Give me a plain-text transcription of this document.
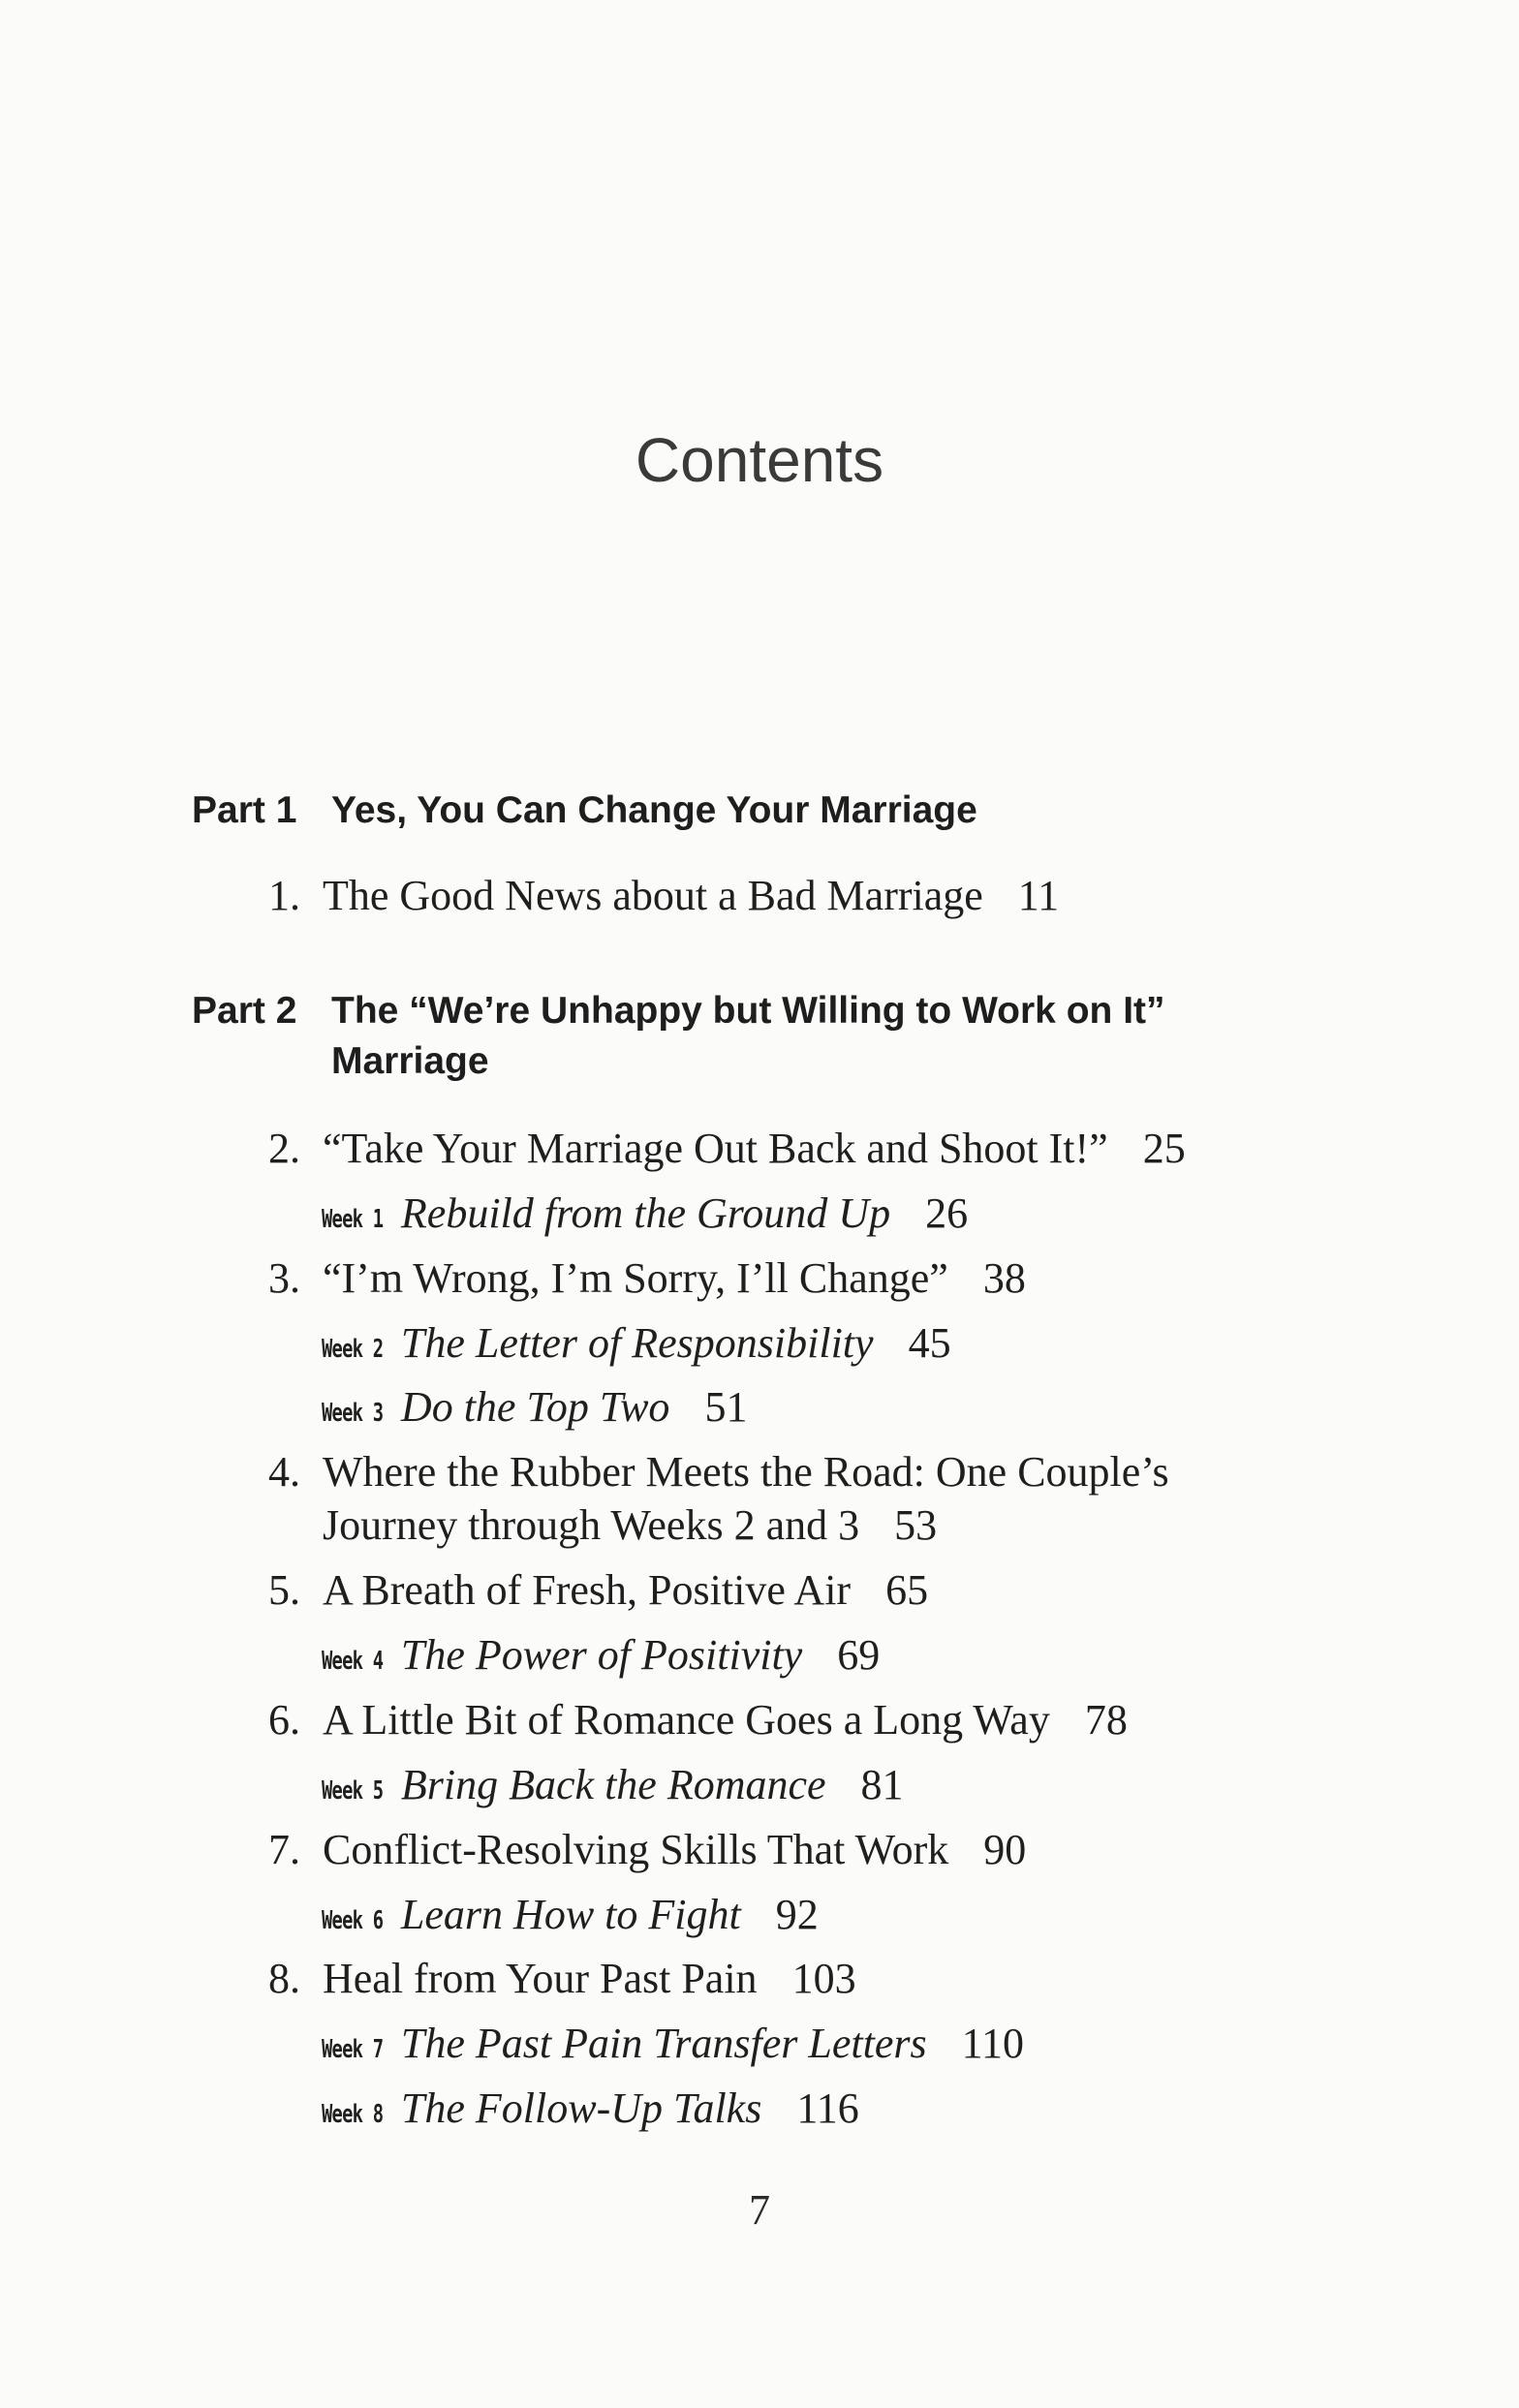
Contents
Part 1 Yes, You Can Change Your Marriage
1. The Good News about a Bad Marriage 11
Part 2 The “We’re Unhappy but Willing to Work on It”
Marriage
2. “Take Your Marriage Out Back and Shoot It!” 25
Week 1 Rebuild from the Ground Up 26
3. “I’m Wrong, I’m Sorry, I’ll Change” 38
Week 2 The Letter of Responsibility 45
Week 3 Do the Top Two 51
4. Where the Rubber Meets the Road: One Couple’s
Journey through Weeks 2 and 3 53
5. A Breath of Fresh, Positive Air 65
Week 4 The Power of Positivity 69
6. A Little Bit of Romance Goes a Long Way 78
Week 5 Bring Back the Romance 81
7. Conflict-Resolving Skills That Work 90
Week 6 Learn How to Fight 92
8. Heal from Your Past Pain 103
Week 7 The Past Pain Transfer Letters 110
Week 8 The Follow-Up Talks 116
7
